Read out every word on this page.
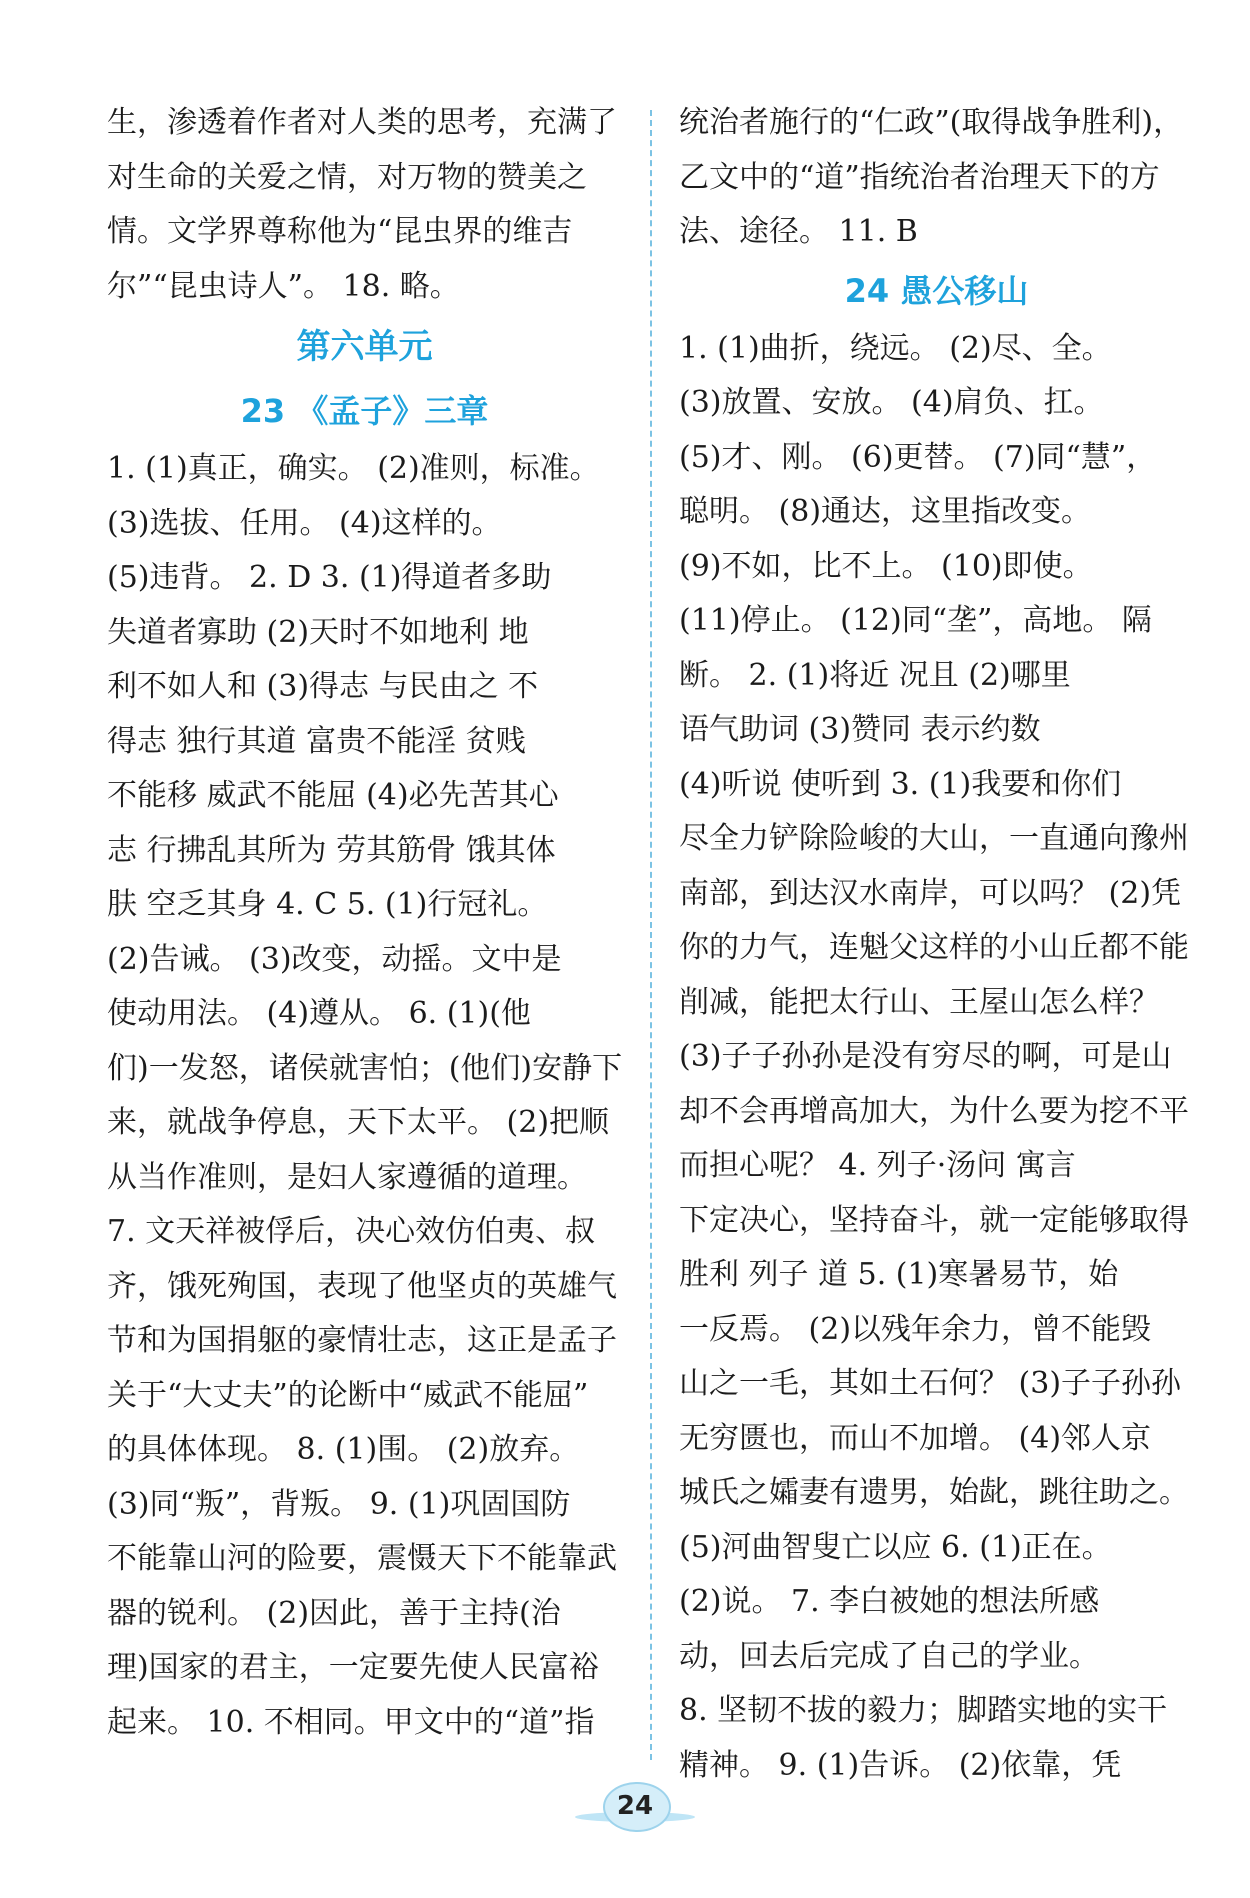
生，渗透着作者对人类的思考，充满了
对生命的关爱之情，对万物的赞美之
情。文学界尊称他为“昆虫界的维吉
尔”“昆虫诗人”。 18. 略。
第六单元
23 《孟子》三章
1. (1)真正，确实。 (2)准则，标准。
(3)选拔、任用。 (4)这样的。
(5)违背。 2. D 3. (1)得道者多助
失道者寡助 (2)天时不如地利 地
利不如人和 (3)得志 与民由之 不
得志 独行其道 富贵不能淫 贫贱
不能移 威武不能屈 (4)必先苦其心
志 行拂乱其所为 劳其筋骨 饿其体
肤 空乏其身 4. C 5. (1)行冠礼。
(2)告诫。 (3)改变，动摇。文中是
使动用法。 (4)遵从。 6. (1)(他
们)一发怒，诸侯就害怕；(他们)安静下
来，就战争停息，天下太平。 (2)把顺
从当作准则，是妇人家遵循的道理。
7. 文天祥被俘后，决心效仿伯夷、叔
齐，饿死殉国，表现了他坚贞的英雄气
节和为国捐躯的豪情壮志，这正是孟子
关于“大丈夫”的论断中“威武不能屈”
的具体体现。 8. (1)围。 (2)放弃。
(3)同“叛”，背叛。 9. (1)巩固国防
不能靠山河的险要，震慑天下不能靠武
器的锐利。 (2)因此，善于主持(治
理)国家的君主，一定要先使人民富裕
起来。 10. 不相同。甲文中的“道”指
统治者施行的“仁政”(取得战争胜利)，
乙文中的“道”指统治者治理天下的方
法、途径。 11. B
24 愚公移山
1. (1)曲折，绕远。 (2)尽、全。
(3)放置、安放。 (4)肩负、扛。
(5)才、刚。 (6)更替。 (7)同“慧”，
聪明。 (8)通达，这里指改变。
(9)不如，比不上。 (10)即使。
(11)停止。 (12)同“垄”，高地。 隔
断。 2. (1)将近 况且 (2)哪里
语气助词 (3)赞同 表示约数
(4)听说 使听到 3. (1)我要和你们
尽全力铲除险峻的大山，一直通向豫州
南部，到达汉水南岸，可以吗？ (2)凭
你的力气，连魁父这样的小山丘都不能
削减，能把太行山、王屋山怎么样？
(3)子子孙孙是没有穷尽的啊，可是山
却不会再增高加大，为什么要为挖不平
而担心呢？ 4. 列子·汤问 寓言
下定决心，坚持奋斗，就一定能够取得
胜利 列子 道 5. (1)寒暑易节，始
一反焉。 (2)以残年余力，曾不能毁
山之一毛，其如土石何？ (3)子子孙孙
无穷匮也，而山不加增。 (4)邻人京
城氏之孀妻有遗男，始龀，跳往助之。
(5)河曲智叟亡以应 6. (1)正在。
(2)说。 7. 李白被她的想法所感
动，回去后完成了自己的学业。
8. 坚韧不拔的毅力；脚踏实地的实干
精神。 9. (1)告诉。 (2)依靠，凭
24
